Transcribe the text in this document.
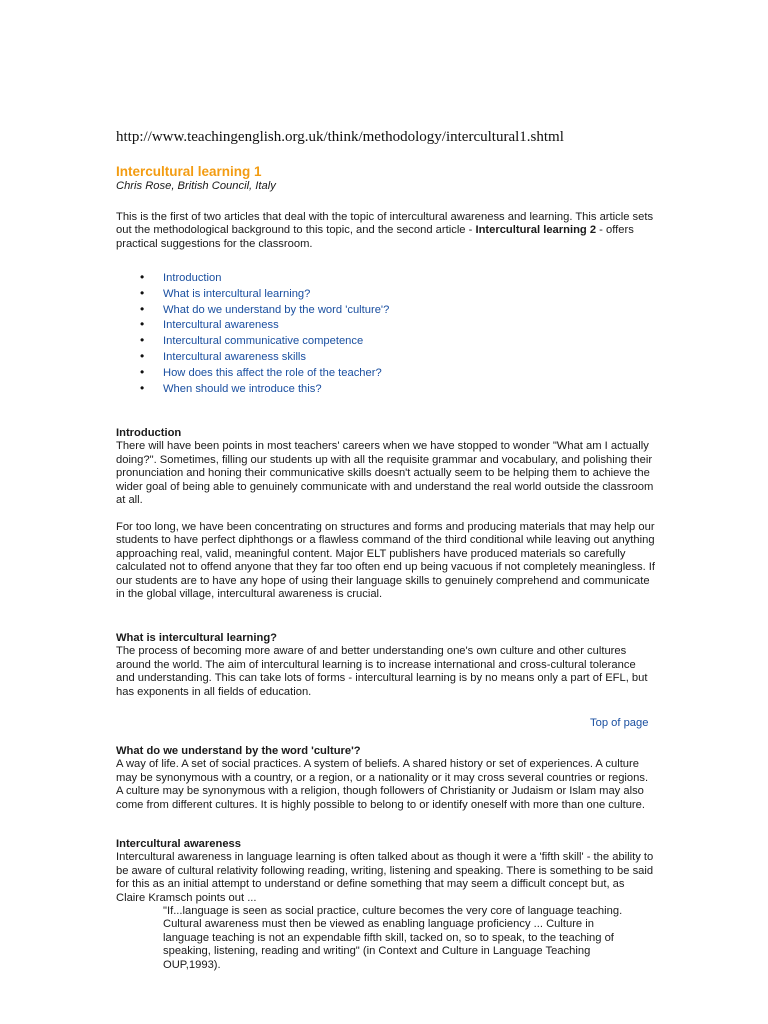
http://www.teachingenglish.org.uk/think/methodology/intercultural1.shtml
Intercultural learning 1
Chris Rose, British Council, Italy
This is the first of two articles that deal with the topic of intercultural awareness and learning. This article sets out the methodological background to this topic, and the second article - Intercultural learning 2 - offers practical suggestions for the classroom.
• Introduction
• What is intercultural learning?
• What do we understand by the word 'culture'?
• Intercultural awareness
• Intercultural communicative competence
• Intercultural awareness skills
• How does this affect the role of the teacher?
• When should we introduce this?
Introduction
There will have been points in most teachers' careers when we have stopped to wonder "What am I actually doing?". Sometimes, filling our students up with all the requisite grammar and vocabulary, and polishing their pronunciation and honing their communicative skills doesn't actually seem to be helping them to achieve the wider goal of being able to genuinely communicate with and understand the real world outside the classroom at all.
For too long, we have been concentrating on structures and forms and producing materials that may help our students to have perfect diphthongs or a flawless command of the third conditional while leaving out anything approaching real, valid, meaningful content. Major ELT publishers have produced materials so carefully calculated not to offend anyone that they far too often end up being vacuous if not completely meaningless. If our students are to have any hope of using their language skills to genuinely comprehend and communicate in the global village, intercultural awareness is crucial.
What is intercultural learning?
The process of becoming more aware of and better understanding one's own culture and other cultures around the world. The aim of intercultural learning is to increase international and cross-cultural tolerance and understanding. This can take lots of forms - intercultural learning is by no means only a part of EFL, but has exponents in all fields of education.
Top of page
What do we understand by the word 'culture'?
A way of life. A set of social practices. A system of beliefs. A shared history or set of experiences. A culture may be synonymous with a country, or a region, or a nationality or it may cross several countries or regions. A culture may be synonymous with a religion, though followers of Christianity or Judaism or Islam may also come from different cultures. It is highly possible to belong to or identify oneself with more than one culture.
Intercultural awareness
Intercultural awareness in language learning is often talked about as though it were a 'fifth skill' - the ability to be aware of cultural relativity following reading, writing, listening and speaking. There is something to be said for this as an initial attempt to understand or define something that may seem a difficult concept but, as Claire Kramsch points out ...
"If...language is seen as social practice, culture becomes the very core of language teaching. Cultural awareness must then be viewed as enabling language proficiency ... Culture in language teaching is not an expendable fifth skill, tacked on, so to speak, to the teaching of speaking, listening, reading and writing" (in Context and Culture in Language Teaching OUP,1993).
